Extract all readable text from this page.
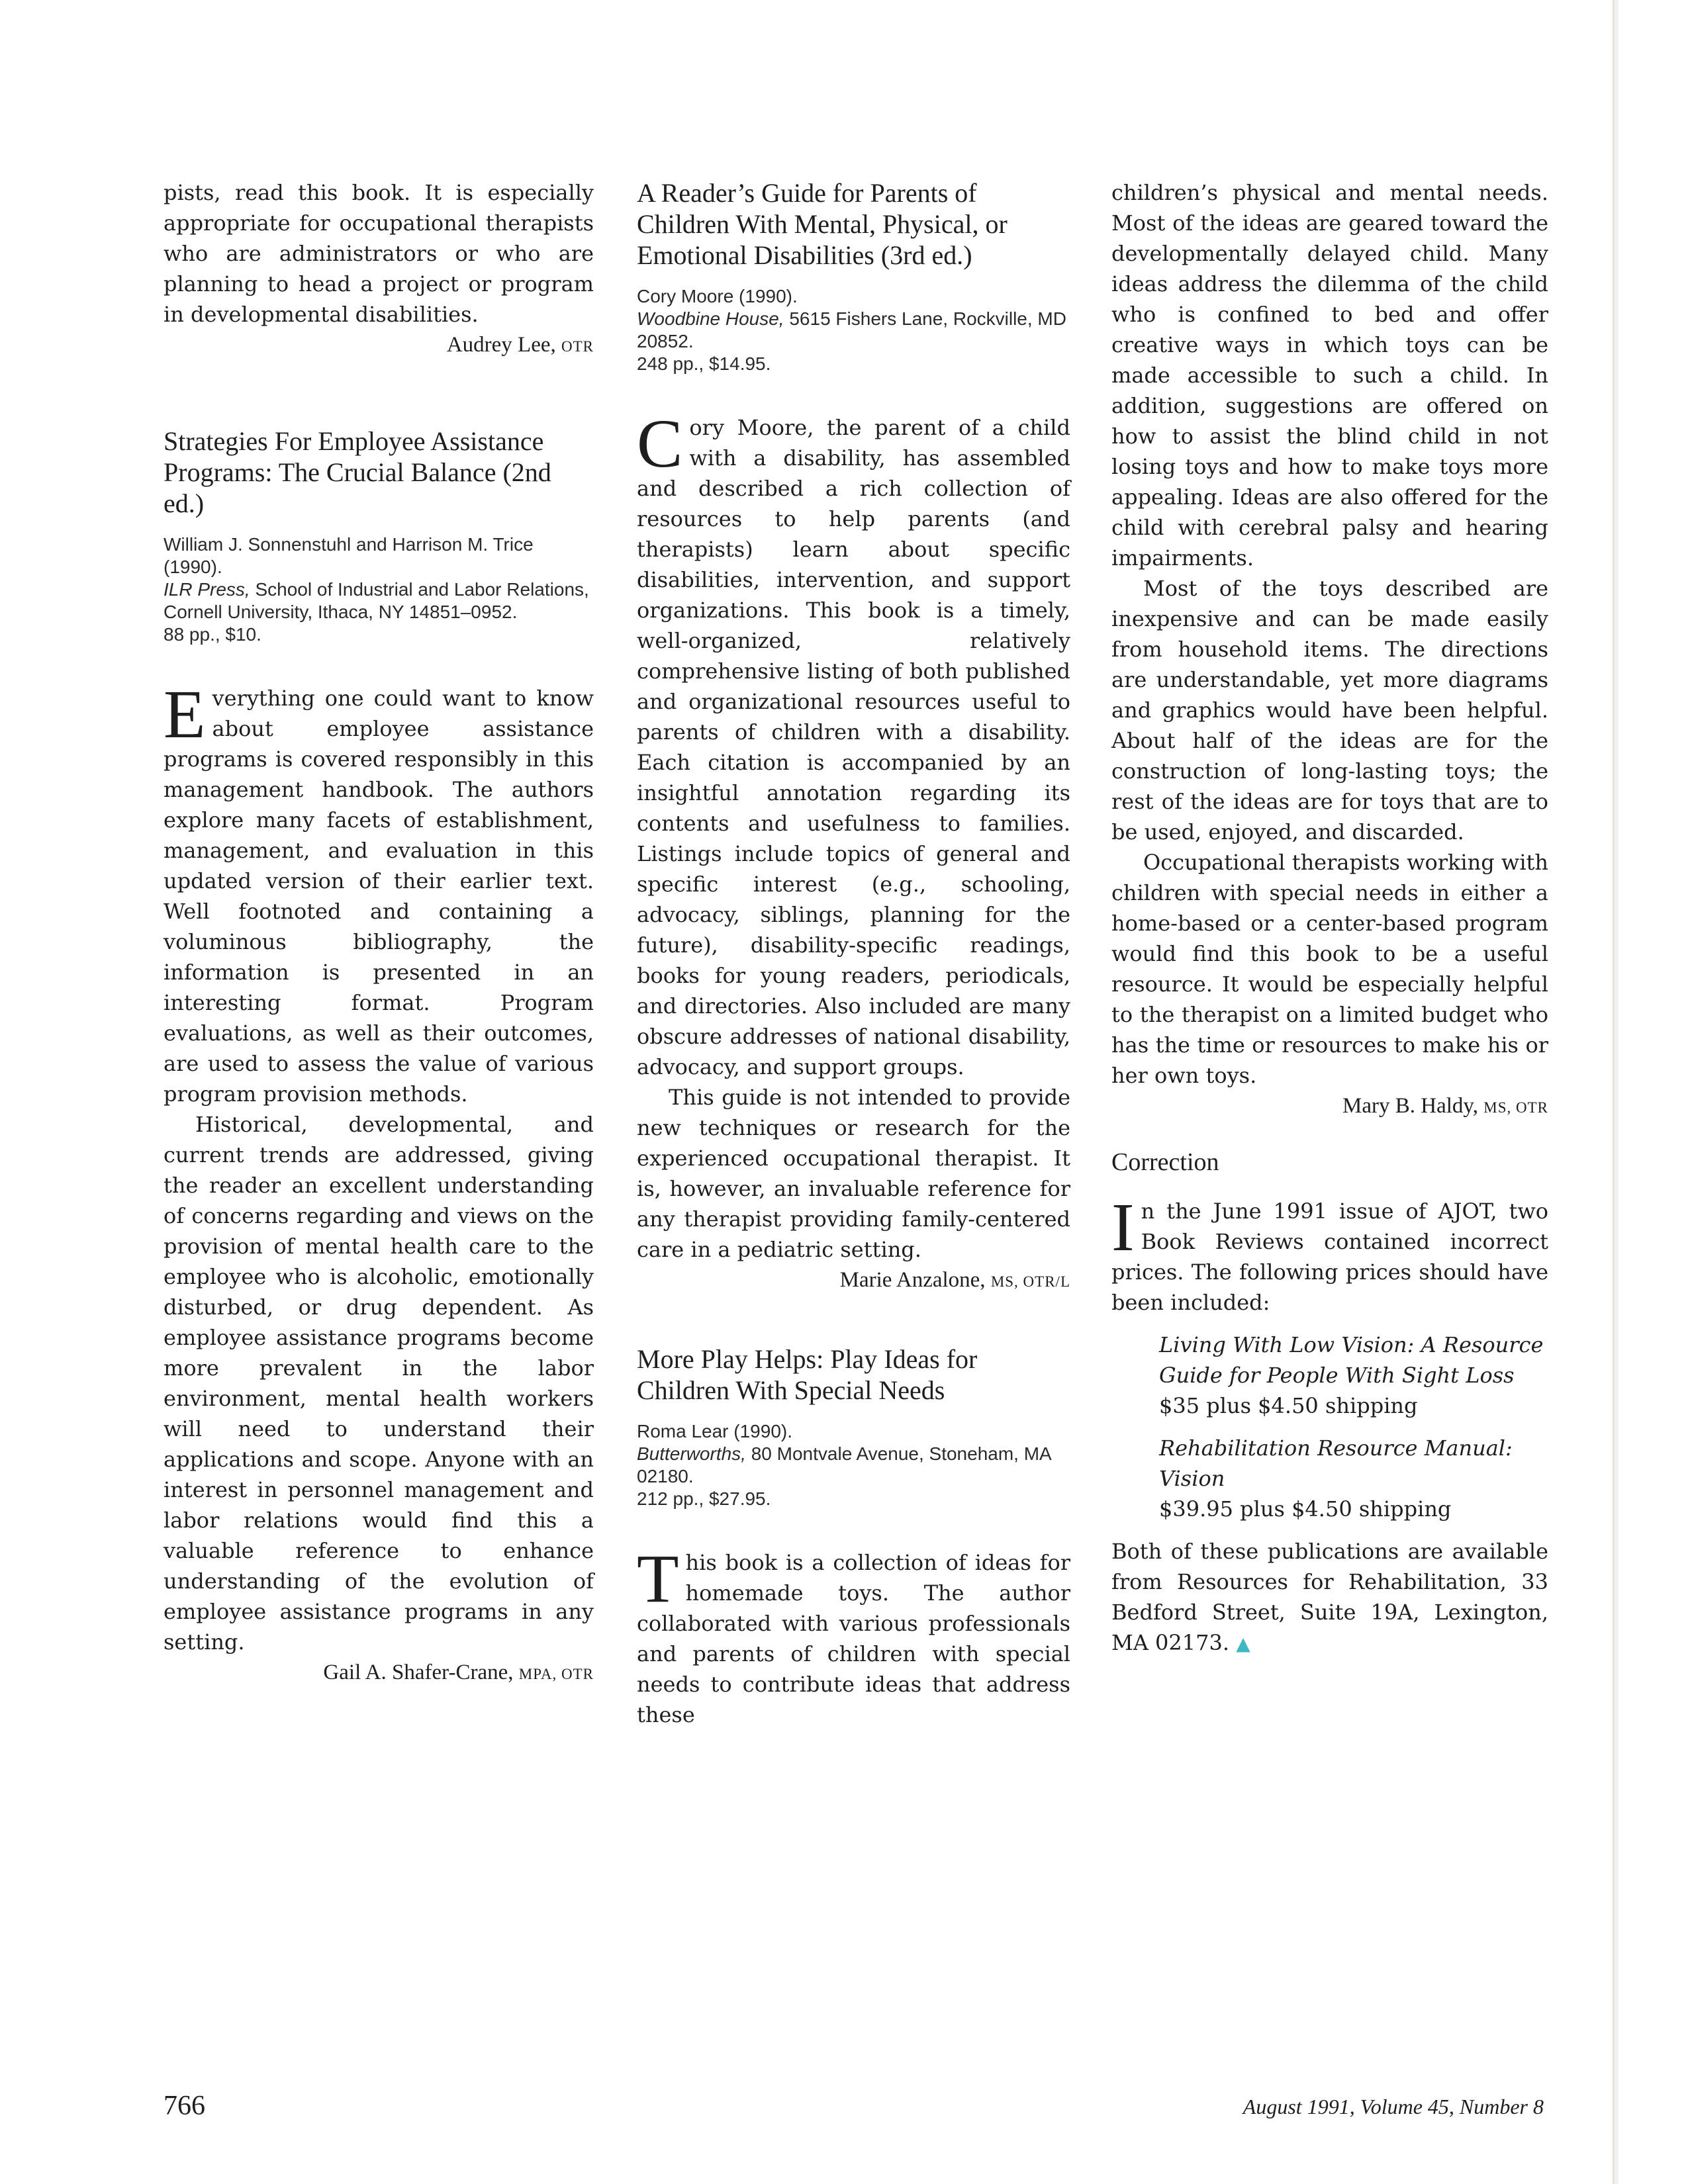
pists, read this book. It is especially appropriate for occupational therapists who are administrators or who are planning to head a project or program in developmental disabilities.

Audrey Lee, OTR
Strategies For Employee Assistance Programs: The Crucial Balance (2nd ed.)
William J. Sonnenstuhl and Harrison M. Trice (1990).
ILR Press, School of Industrial and Labor Relations, Cornell University, Ithaca, NY 14851–0952.
88 pp., $10.

Everything one could want to know about employee assistance programs is covered responsibly in this management handbook. The authors explore many facets of establishment, management, and evaluation in this updated version of their earlier text. Well footnoted and containing a voluminous bibliography, the information is presented in an interesting format. Program evaluations, as well as their outcomes, are used to assess the value of various program provision methods.

Historical, developmental, and current trends are addressed, giving the reader an excellent understanding of concerns regarding and views on the provision of mental health care to the employee who is alcoholic, emotionally disturbed, or drug dependent. As employee assistance programs become more prevalent in the labor environment, mental health workers will need to understand their applications and scope. Anyone with an interest in personnel management and labor relations would find this a valuable reference to enhance understanding of the evolution of employee assistance programs in any setting.

Gail A. Shafer-Crane, MPA, OTR
A Reader’s Guide for Parents of Children With Mental, Physical, or Emotional Disabilities (3rd ed.)
Cory Moore (1990).
Woodbine House, 5615 Fishers Lane, Rockville, MD 20852.
248 pp., $14.95.

Cory Moore, the parent of a child with a disability, has assembled and described a rich collection of resources to help parents (and therapists) learn about specific disabilities, intervention, and support organizations. This book is a timely, well-organized, relatively comprehensive listing of both published and organizational resources useful to parents of children with a disability. Each citation is accompanied by an insightful annotation regarding its contents and usefulness to families. Listings include topics of general and specific interest (e.g., schooling, advocacy, siblings, planning for the future), disability-specific readings, books for young readers, periodicals, and directories. Also included are many obscure addresses of national disability, advocacy, and support groups.

This guide is not intended to provide new techniques or research for the experienced occupational therapist. It is, however, an invaluable reference for any therapist providing family-centered care in a pediatric setting.

Marie Anzalone, MS, OTR/L
More Play Helps: Play Ideas for Children With Special Needs
Roma Lear (1990).
Butterworths, 80 Montvale Avenue, Stoneham, MA 02180.
212 pp., $27.95.

This book is a collection of ideas for homemade toys. The author collaborated with various professionals and parents of children with special needs to contribute ideas that address these

children’s physical and mental needs. Most of the ideas are geared toward the developmentally delayed child. Many ideas address the dilemma of the child who is confined to bed and offer creative ways in which toys can be made accessible to such a child. In addition, suggestions are offered on how to assist the blind child in not losing toys and how to make toys more appealing. Ideas are also offered for the child with cerebral palsy and hearing impairments.

Most of the toys described are inexpensive and can be made easily from household items. The directions are understandable, yet more diagrams and graphics would have been helpful. About half of the ideas are for the construction of long-lasting toys; the rest of the ideas are for toys that are to be used, enjoyed, and discarded.

Occupational therapists working with children with special needs in either a home-based or a center-based program would find this book to be a useful resource. It would be especially helpful to the therapist on a limited budget who has the time or resources to make his or her own toys.

Mary B. Haldy, MS, OTR
Correction

In the June 1991 issue of AJOT, two Book Reviews contained incorrect prices. The following prices should have been included:

Living With Low Vision: A Resource Guide for People With Sight Loss
$35 plus $4.50 shipping
Rehabilitation Resource Manual: Vision
$39.95 plus $4.50 shipping

Both of these publications are available from Resources for Rehabilitation, 33 Bedford Street, Suite 19A, Lexington, MA 02173. ▲

766	August 1991, Volume 45, Number 8
